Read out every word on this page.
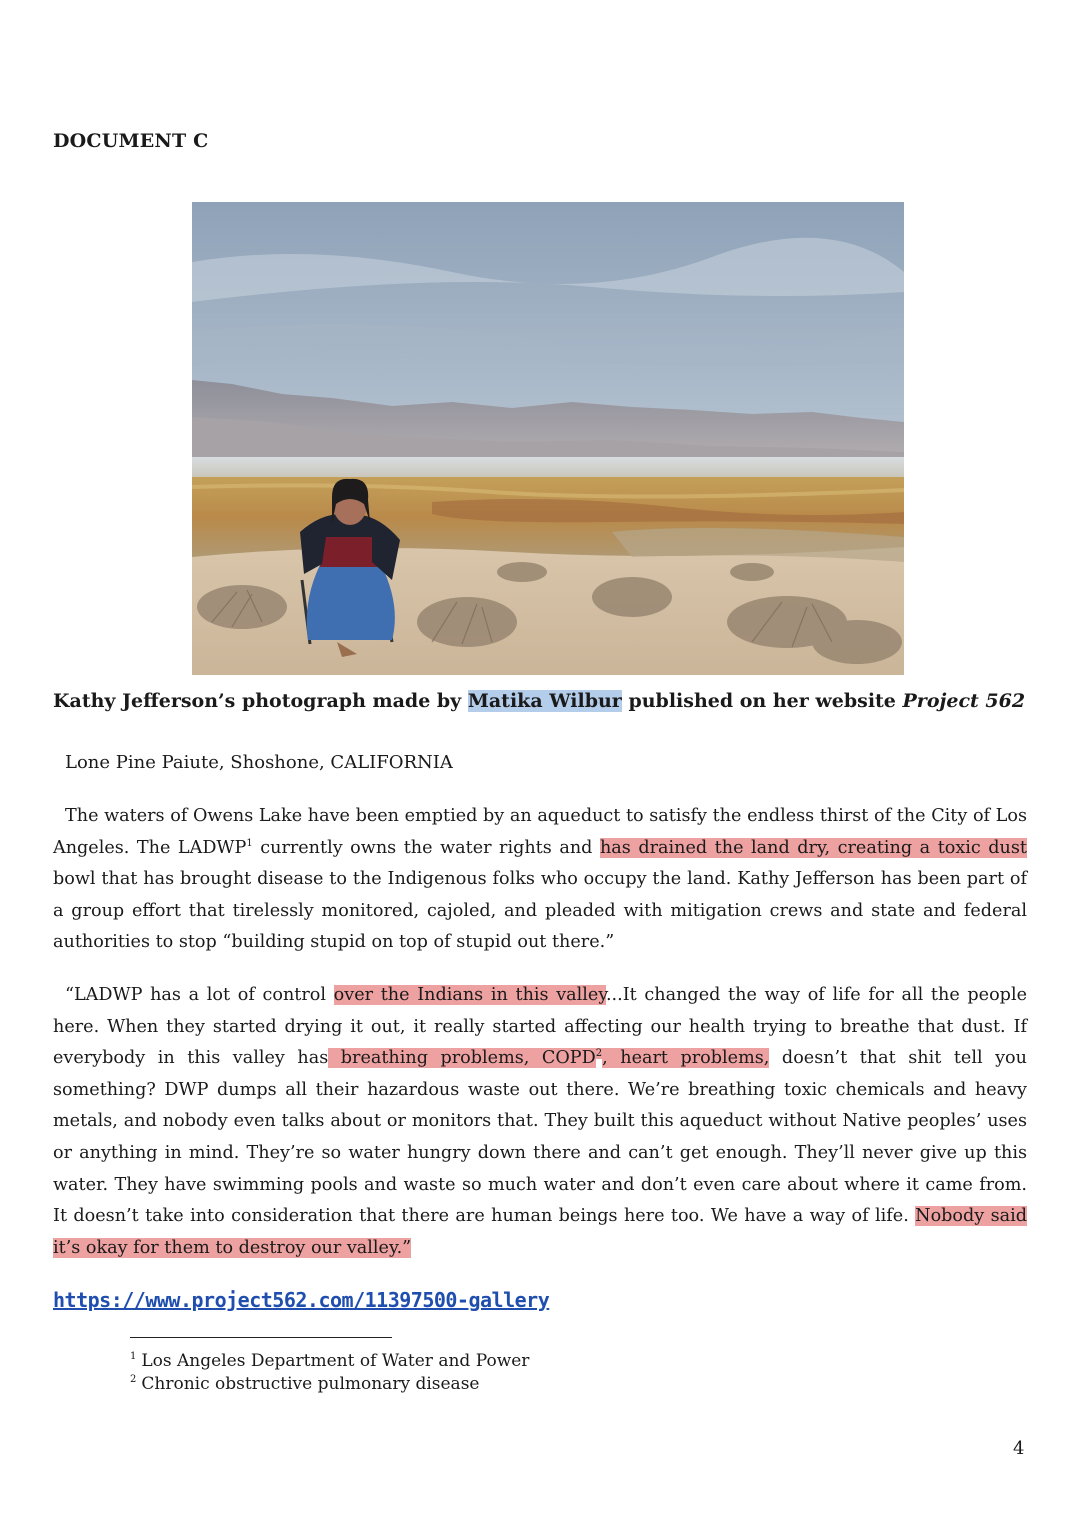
DOCUMENT C
Kathy Jefferson’s photograph made by Matika Wilbur published on her website Project 562
Lone Pine Paiute, Shoshone, CALIFORNIA
The waters of Owens Lake have been emptied by an aqueduct to satisfy the endless thirst of the City of Los Angeles. The LADWP$^1$ currently owns the water rights and has drained the land dry, creating a toxic dust bowl that has brought disease to the Indigenous folks who occupy the land. Kathy Jefferson has been part of a group effort that tirelessly monitored, cajoled, and pleaded with mitigation crews and state and federal authorities to stop “building stupid on top of stupid out there.”
“LADWP has a lot of control over the Indians in this valley...It changed the way of life for all the people here. When they started drying it out, it really started affecting our health trying to breathe that dust. If everybody in this valley has breathing problems, COPD$^2$, heart problems, doesn’t that shit tell you something? DWP dumps all their hazardous waste out there. We’re breathing toxic chemicals and heavy metals, and nobody even talks about or monitors that. They built this aqueduct without Native peoples’ uses or anything in mind. They’re so water hungry down there and can’t get enough. They’ll never give up this water. They have swimming pools and waste so much water and don’t even care about where it came from. It doesn’t take into consideration that there are human beings here too. We have a way of life. Nobody said it’s okay for them to destroy our valley.”
https://www.project562.com/11397500-gallery
$^1$ Los Angeles Department of Water and Power
$^2$ Chronic obstructive pulmonary disease
4
